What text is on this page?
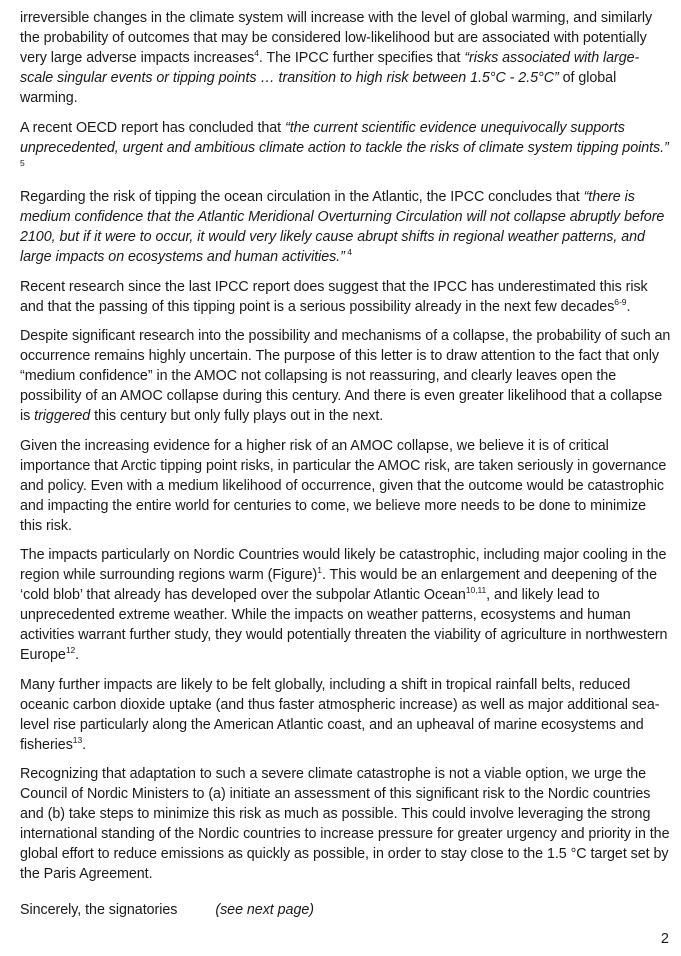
irreversible changes in the climate system will increase with the level of global warming, and similarly the probability of outcomes that may be considered low-likelihood but are associated with potentially very large adverse impacts increases$^4$. The IPCC further specifies that “risks associated with large-scale singular events or tipping points … transition to high risk between 1.5°C - 2.5°C” of global warming.

A recent OECD report has concluded that “the current scientific evidence unequivocally supports unprecedented, urgent and ambitious climate action to tackle the risks of climate system tipping points.” $^5$

Regarding the risk of tipping the ocean circulation in the Atlantic, the IPCC concludes that “there is medium confidence that the Atlantic Meridional Overturning Circulation will not collapse abruptly before 2100, but if it were to occur, it would very likely cause abrupt shifts in regional weather patterns, and large impacts on ecosystems and human activities.” $^4$

Recent research since the last IPCC report does suggest that the IPCC has underestimated this risk and that the passing of this tipping point is a serious possibility already in the next few decades$^{6-9}$.

Despite significant research into the possibility and mechanisms of a collapse, the probability of such an occurrence remains highly uncertain. The purpose of this letter is to draw attention to the fact that only “medium confidence” in the AMOC not collapsing is not reassuring, and clearly leaves open the possibility of an AMOC collapse during this century. And there is even greater likelihood that a collapse is triggered this century but only fully plays out in the next.

Given the increasing evidence for a higher risk of an AMOC collapse, we believe it is of critical importance that Arctic tipping point risks, in particular the AMOC risk, are taken seriously in governance and policy. Even with a medium likelihood of occurrence, given that the outcome would be catastrophic and impacting the entire world for centuries to come, we believe more needs to be done to minimize this risk.

The impacts particularly on Nordic Countries would likely be catastrophic, including major cooling in the region while surrounding regions warm (Figure)$^1$. This would be an enlargement and deepening of the ‘cold blob’ that already has developed over the subpolar Atlantic Ocean$^{10,11}$, and likely lead to unprecedented extreme weather. While the impacts on weather patterns, ecosystems and human activities warrant further study, they would potentially threaten the viability of agriculture in northwestern Europe$^{12}$.

Many further impacts are likely to be felt globally, including a shift in tropical rainfall belts, reduced oceanic carbon dioxide uptake (and thus faster atmospheric increase) as well as major additional sea-level rise particularly along the American Atlantic coast, and an upheaval of marine ecosystems and fisheries$^{13}$.

Recognizing that adaptation to such a severe climate catastrophe is not a viable option, we urge the Council of Nordic Ministers to (a) initiate an assessment of this significant risk to the Nordic countries and (b) take steps to minimize this risk as much as possible. This could involve leveraging the strong international standing of the Nordic countries to increase pressure for greater urgency and priority in the global effort to reduce emissions as quickly as possible, in order to stay close to the 1.5 °C target set by the Paris Agreement.

Sincerely, the signatories	(see next page)

2
